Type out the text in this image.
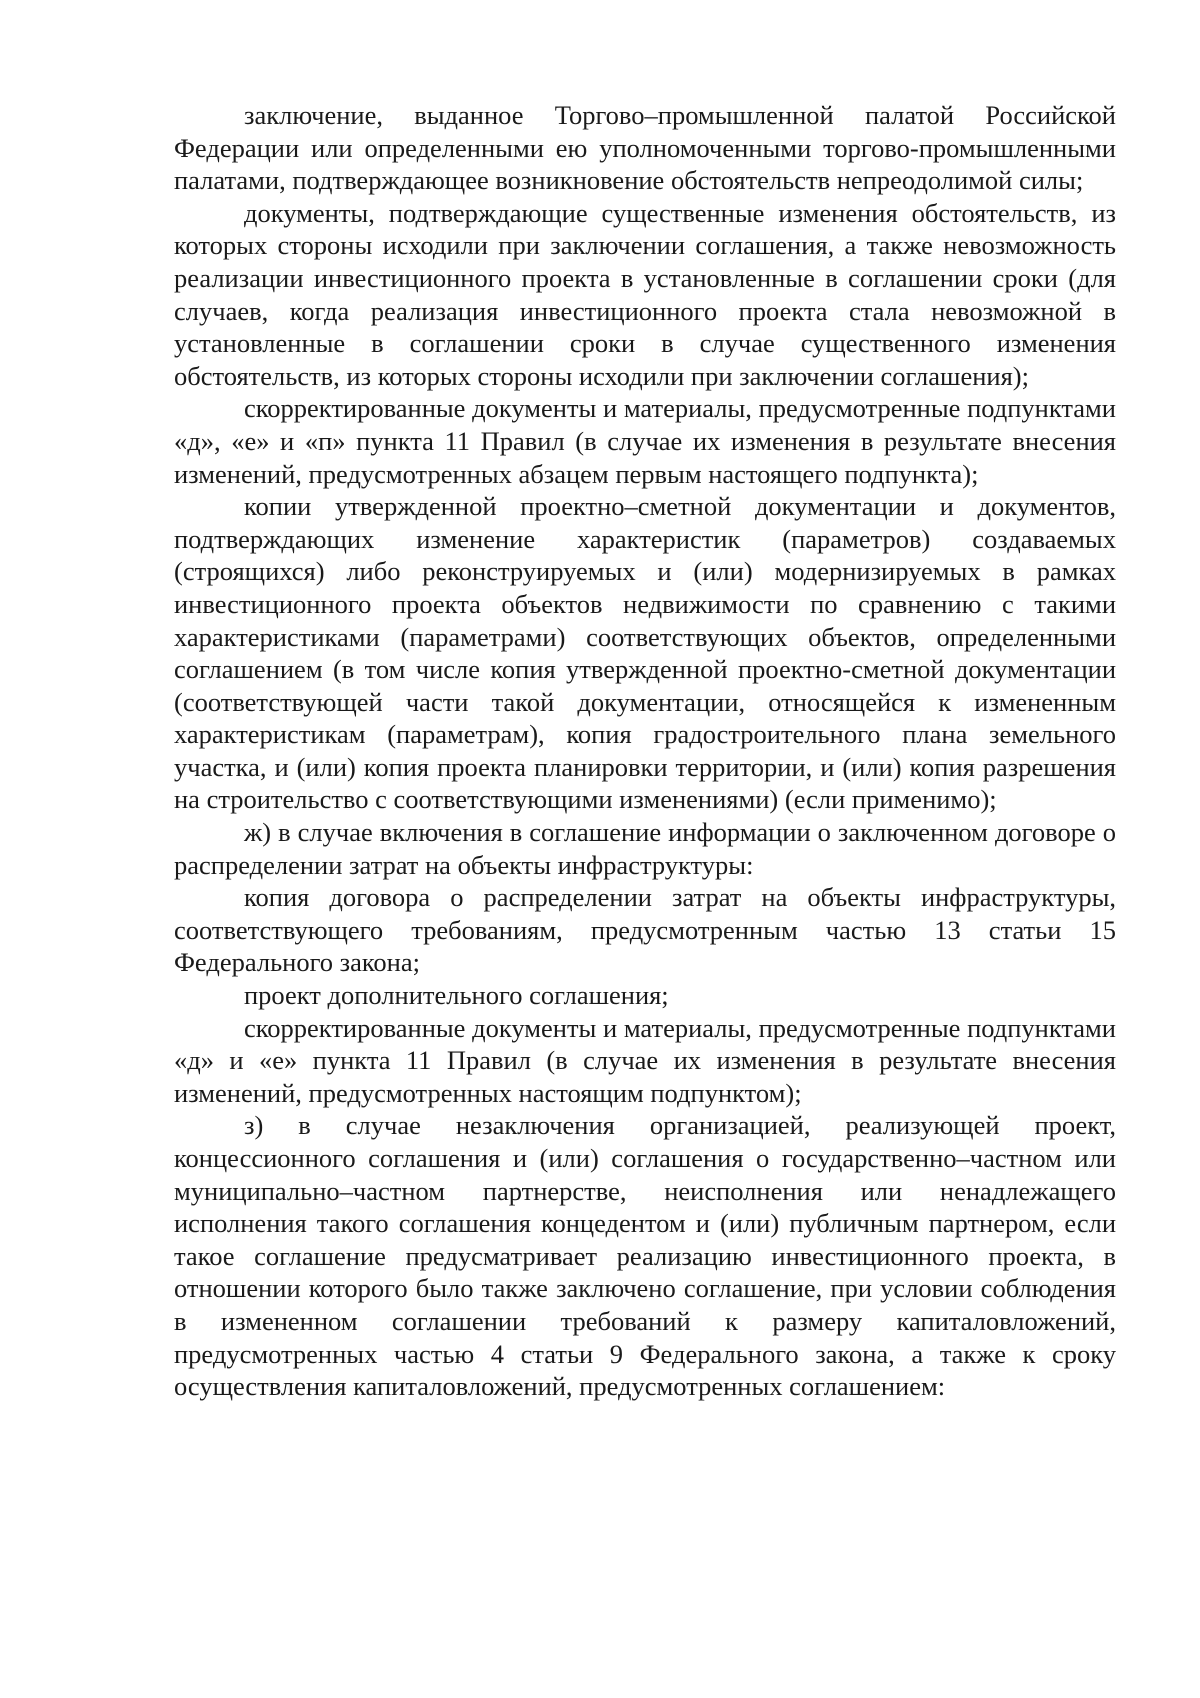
заключение, выданное Торгово–промышленной палатой Российской Федерации или определенными ею уполномоченными торгово-промышленными палатами, подтверждающее возникновение обстоятельств непреодолимой силы;

документы, подтверждающие существенные изменения обстоятельств, из которых стороны исходили при заключении соглашения, а также невозможность реализации инвестиционного проекта в установленные в соглашении сроки (для случаев, когда реализация инвестиционного проекта стала невозможной в установленные в соглашении сроки в случае существенного изменения обстоятельств, из которых стороны исходили при заключении соглашения);

скорректированные документы и материалы, предусмотренные подпунктами «д», «е» и «п» пункта 11 Правил (в случае их изменения в результате внесения изменений, предусмотренных абзацем первым настоящего подпункта);

копии утвержденной проектно–сметной документации и документов, подтверждающих изменение характеристик (параметров) создаваемых (строящихся) либо реконструируемых и (или) модернизируемых в рамках инвестиционного проекта объектов недвижимости по сравнению с такими характеристиками (параметрами) соответствующих объектов, определенными соглашением (в том числе копия утвержденной проектно-сметной документации (соответствующей части такой документации, относящейся к измененным характеристикам (параметрам), копия градостроительного плана земельного участка, и (или) копия проекта планировки территории, и (или) копия разрешения на строительство с соответствующими изменениями) (если применимо);

ж) в случае включения в соглашение информации о заключенном договоре о распределении затрат на объекты инфраструктуры:

копия договора о распределении затрат на объекты инфраструктуры, соответствующего требованиям, предусмотренным частью 13 статьи 15 Федерального закона;

проект дополнительного соглашения;

скорректированные документы и материалы, предусмотренные подпунктами «д» и «е» пункта 11 Правил (в случае их изменения в результате внесения изменений, предусмотренных настоящим подпунктом);

з) в случае незаключения организацией, реализующей проект, концессионного соглашения и (или) соглашения о государственно–частном или муниципально–частном партнерстве, неисполнения или ненадлежащего исполнения такого соглашения концедентом и (или) публичным партнером, если такое соглашение предусматривает реализацию инвестиционного проекта, в отношении которого было также заключено соглашение, при условии соблюдения в измененном соглашении требований к размеру капиталовложений, предусмотренных частью 4 статьи 9 Федерального закона, а также к сроку осуществления капиталовложений, предусмотренных соглашением:
